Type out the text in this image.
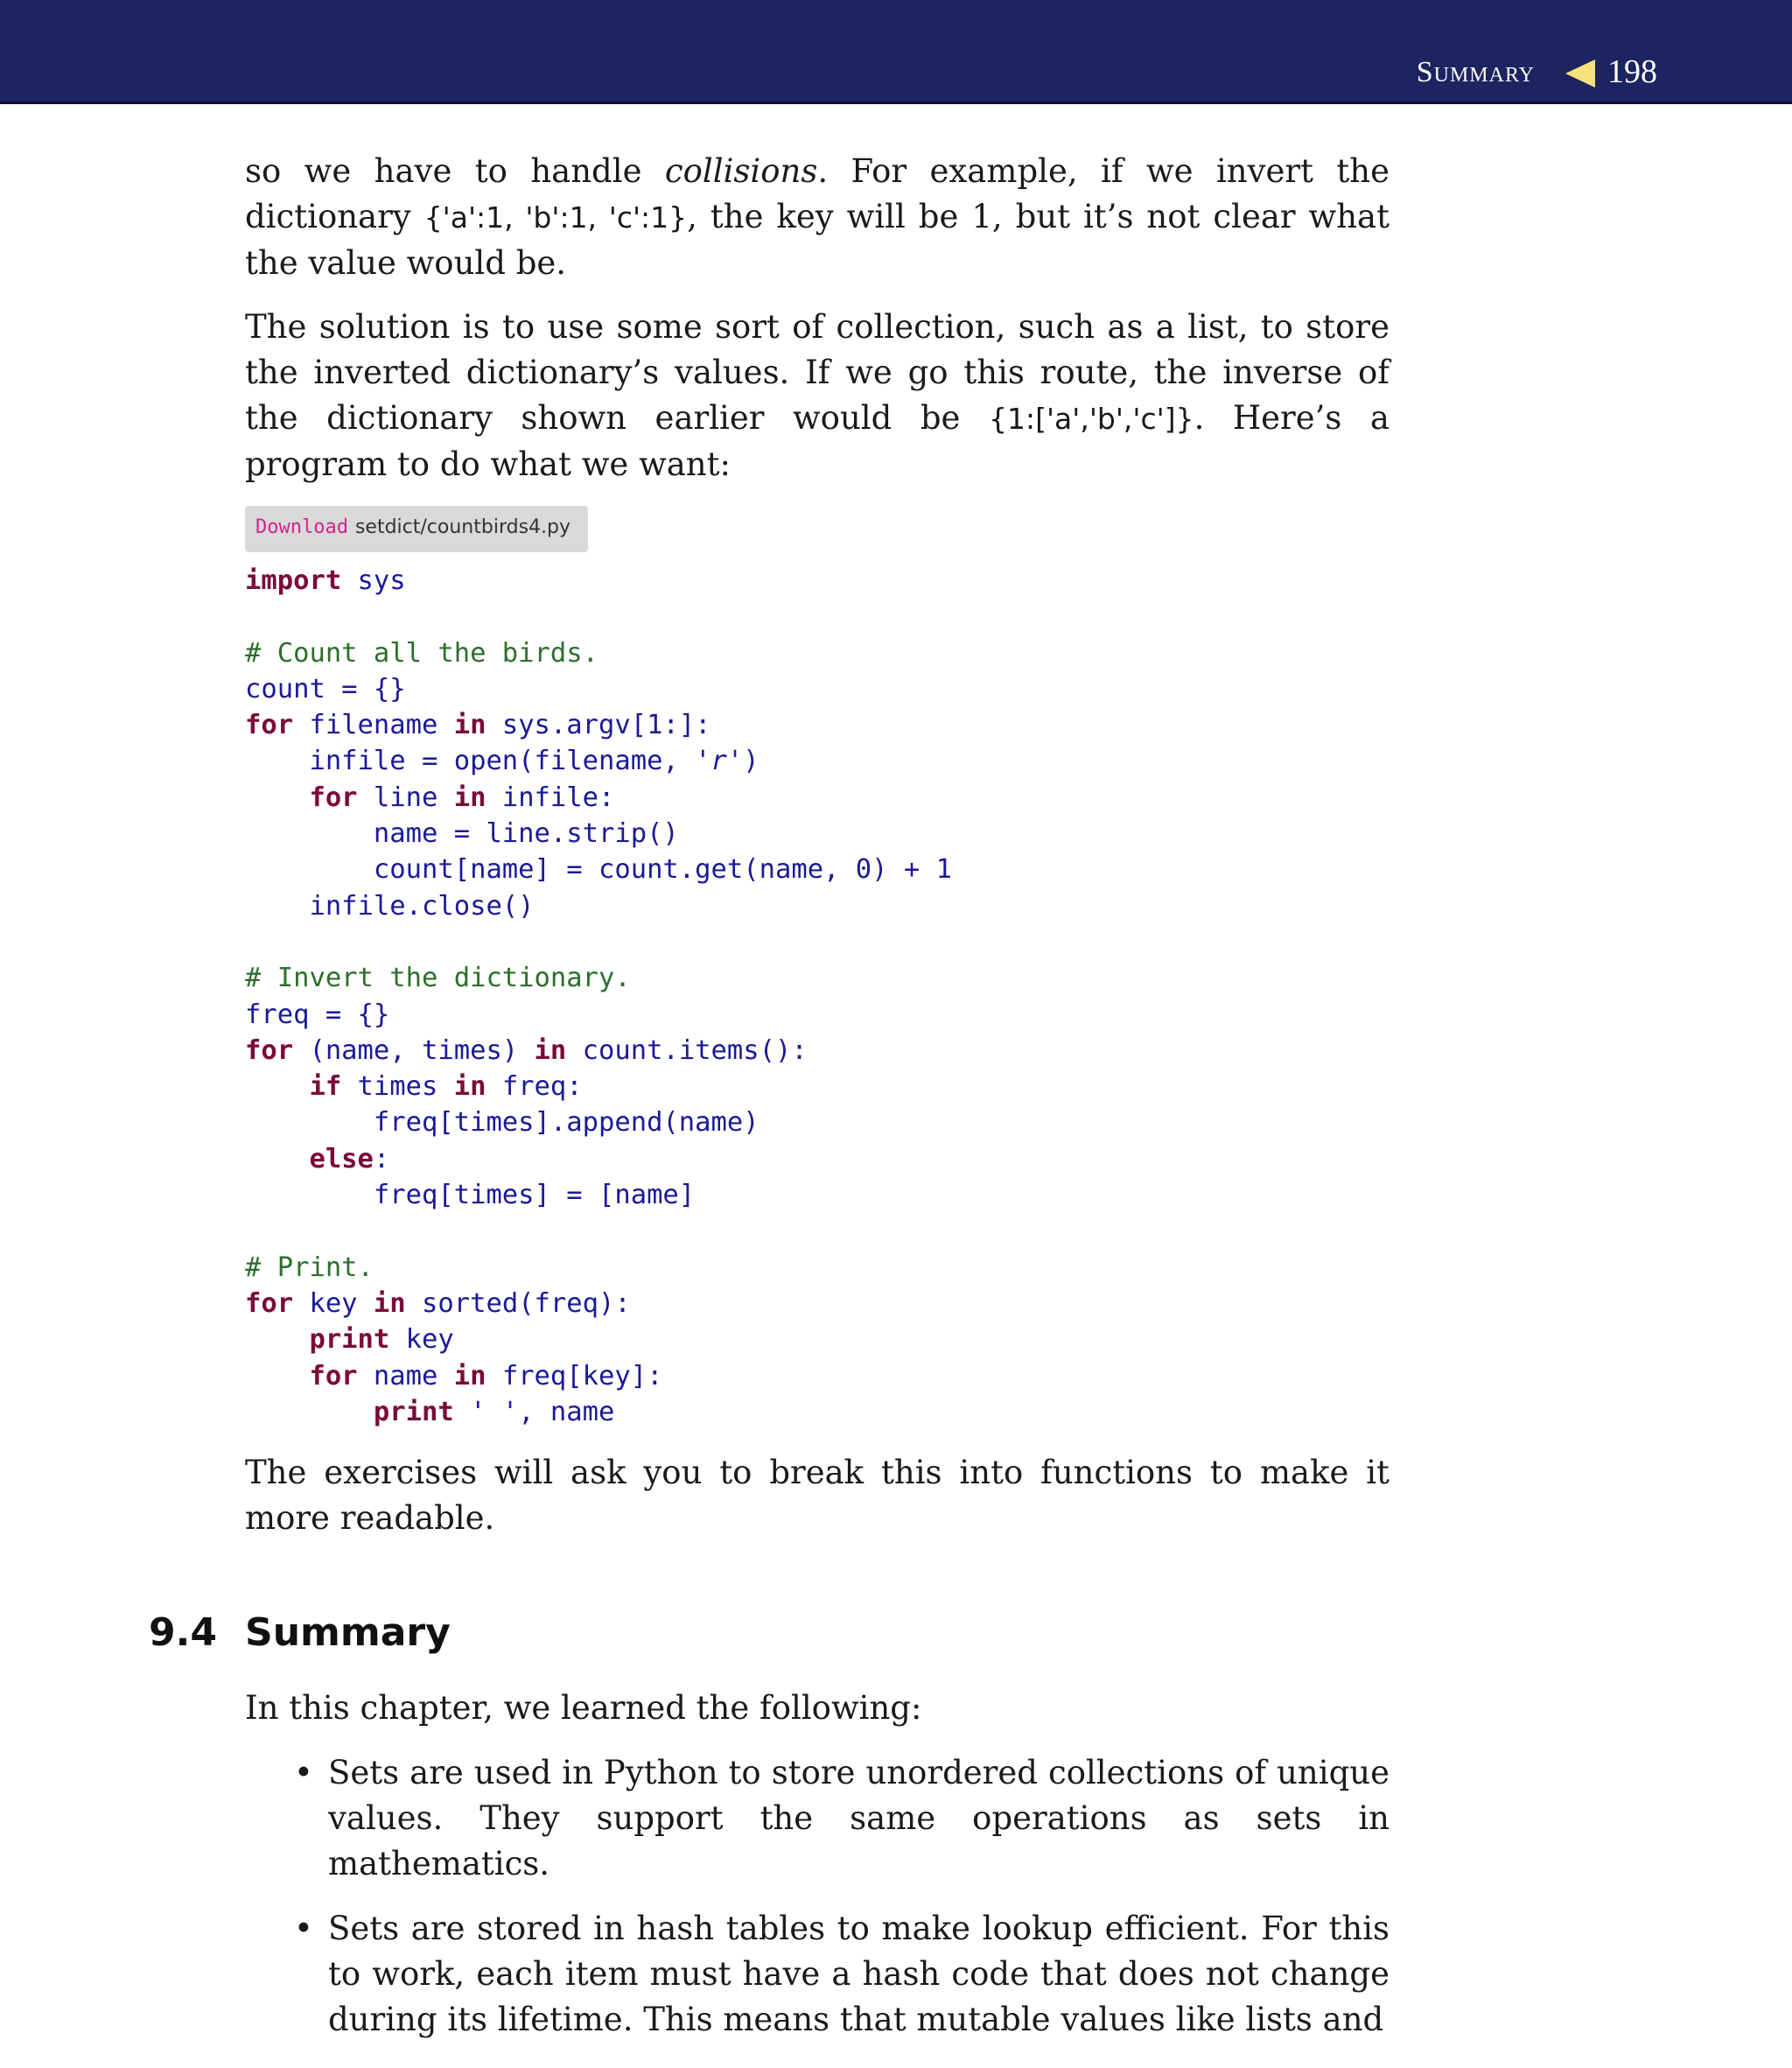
Summary 198

so we have to handle collisions. For example, if we invert the dictionary {'a':1, 'b':1, 'c':1}, the key will be 1, but it’s not clear what the value would be.

The solution is to use some sort of collection, such as a list, to store the inverted dictionary’s values. If we go this route, the inverse of the dictionary shown earlier would be {1:['a','b','c']}. Here’s a program to do what we want:

Download setdict/countbirds4.py
import sys

# Count all the birds.
count = {}
for filename in sys.argv[1:]:
infile = open(filename, 'r')
for line in infile:
name = line.strip()
count[name] = count.get(name, 0) + 1
infile.close()

# Invert the dictionary.
freq = {}
for (name, times) in count.items():
if times in freq:
freq[times].append(name)
else:
freq[times] = [name]

# Print.
for key in sorted(freq):
print key
for name in freq[key]:
print ' ', name

The exercises will ask you to break this into functions to make it more readable.

9.4 Summary

In this chapter, we learned the following:

• Sets are used in Python to store unordered collections of unique values. They support the same operations as sets in mathematics.
• Sets are stored in hash tables to make lookup efficient. For this to work, each item must have a hash code that does not change during its lifetime. This means that mutable values like lists and
